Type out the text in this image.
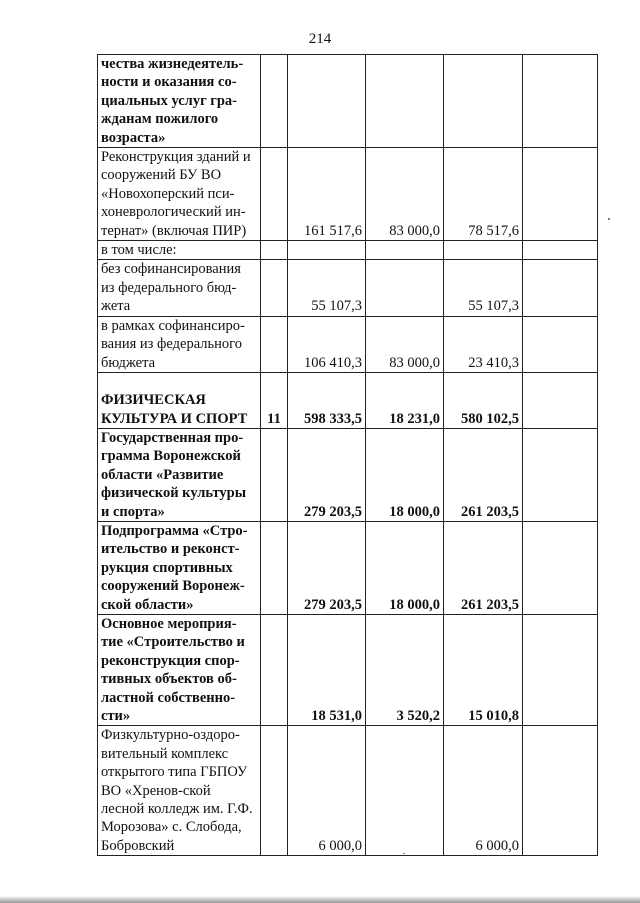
214
чества жизнедеятель-ности и оказания со-циальных услуг гра-жданам пожилого возраста»					
Реконструкция зданий и сооружений БУ ВО «Новохоперский пси-хоневрологический ин-тернат» (включая ПИР)		161 517,6	83 000,0	78 517,6	
в том числе:					
без софинансирования из федерального бюд-жета		55 107,3		55 107,3	
в рамках софинансиро-вания из федерального бюджета		106 410,3	83 000,0	23 410,3	
ФИЗИЧЕСКАЯ КУЛЬТУРА И СПОРТ	11	598 333,5	18 231,0	580 102,5	
Государственная про-грамма Воронежской области «Развитие физической культуры и спорта»		279 203,5	18 000,0	261 203,5	
Подпрограмма «Стро-ительство и реконст-рукция спортивных сооружений Воронеж-ской области»		279 203,5	18 000,0	261 203,5	
Основное мероприя-тие «Строительство и реконструкция спор-тивных объектов об-ластной собственно-сти»		18 531,0	3 520,2	15 010,8	
Физкультурно-оздоро-вительный комплекс открытого типа ГБПОУ ВО «Хренов-ской лесной колледж им. Г.Ф. Морозова» с. Слобода, Бобровский		6 000,0		6 000,0	
